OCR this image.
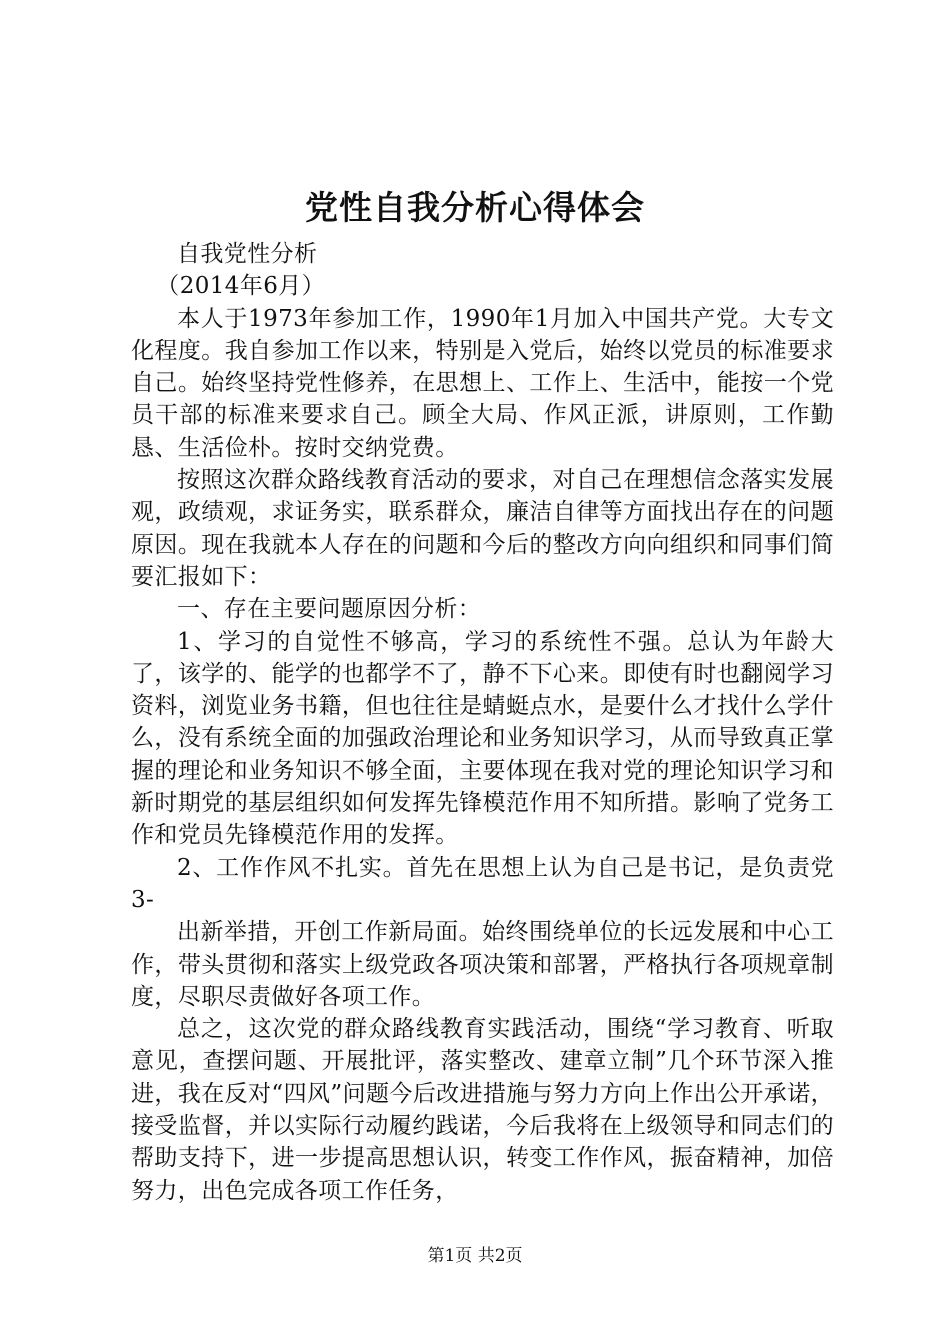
党性自我分析心得体会

自我党性分析

（2014年6月）

本人于1973年参加工作，1990年1月加入中国共产党。大专文化程度。我自参加工作以来，特别是入党后，始终以党员的标准要求自己。始终坚持党性修养，在思想上、工作上、生活中，能按一个党员干部的标准来要求自己。顾全大局、作风正派，讲原则，工作勤恳、生活俭朴。按时交纳党费。

按照这次群众路线教育活动的要求，对自己在理想信念落实发展观，政绩观，求证务实，联系群众，廉洁自律等方面找出存在的问题原因。现在我就本人存在的问题和今后的整改方向向组织和同事们简要汇报如下：

一、存在主要问题原因分析：

1、学习的自觉性不够高，学习的系统性不强。总认为年龄大了，该学的、能学的也都学不了，静不下心来。即使有时也翻阅学习资料，浏览业务书籍，但也往往是蜻蜓点水，是要什么才找什么学什么，没有系统全面的加强政治理论和业务知识学习，从而导致真正掌握的理论和业务知识不够全面，主要体现在我对党的理论知识学习和新时期党的基层组织如何发挥先锋模范作用不知所措。影响了党务工作和党员先锋模范作用的发挥。

2、工作作风不扎实。首先在思想上认为自己是书记，是负责党3-

出新举措，开创工作新局面。始终围绕单位的长远发展和中心工作，带头贯彻和落实上级党政各项决策和部署，严格执行各项规章制度，尽职尽责做好各项工作。

总之，这次党的群众路线教育实践活动，围绕“学习教育、听取意见，查摆问题、开展批评，落实整改、建章立制”几个环节深入推进，我在反对“四风”问题今后改进措施与努力方向上作出公开承诺，接受监督，并以实际行动履约践诺，今后我将在上级领导和同志们的帮助支持下，进一步提高思想认识，转变工作作风，振奋精神，加倍努力，出色完成各项工作任务，

第1页 共2页
